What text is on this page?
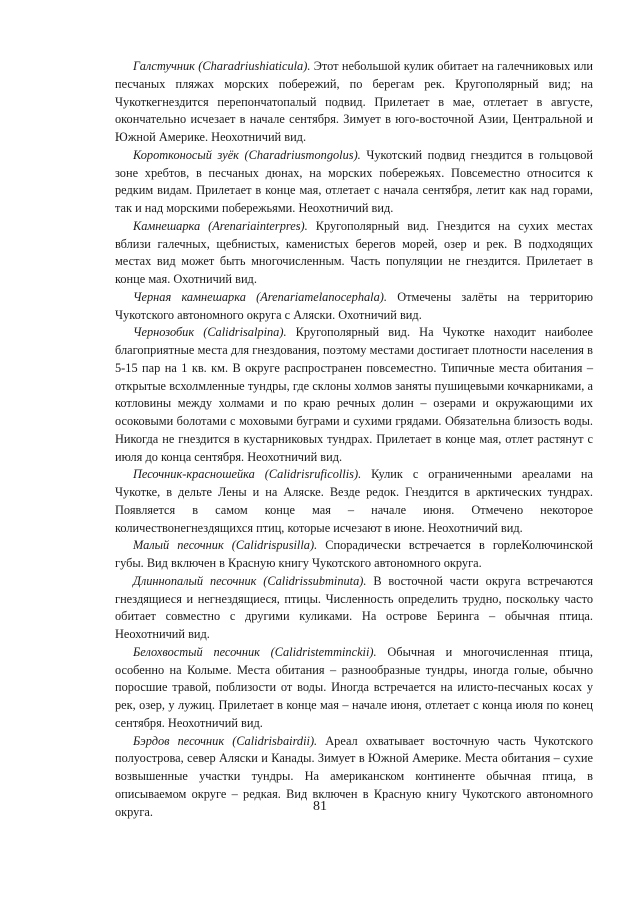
Галстучник (Charadriushiaticula). Этот небольшой кулик обитает на галечниковых или песчаных пляжах морских побережий, по берегам рек. Кругополярный вид; на Чукоткегнездится перепончатопалый подвид. Прилетает в мае, отлетает в августе, окончательно исчезает в начале сентября. Зимует в юго-восточной Азии, Центральной и Южной Америке. Неохотничий вид.

Коротконосый зуёк (Charadriusmongolus). Чукотский подвид гнездится в гольцовой зоне хребтов, в песчаных дюнах, на морских побережьях. Повсеместно относится к редким видам. Прилетает в конце мая, отлетает с начала сентября, летит как над горами, так и над морскими побережьями. Неохотничий вид.

Камнешарка (Arenariainterpres). Кругополярный вид. Гнездится на сухих местах вблизи галечных, щебнистых, каменистых берегов морей, озер и рек. В подходящих местах вид может быть многочисленным. Часть популяции не гнездится. Прилетает в конце мая. Охотничий вид.

Черная камнешарка (Arenariamelanocephala). Отмечены залёты на территорию Чукотского автономного округа с Аляски. Охотничий вид.

Чернозобик (Calidrisalpina). Кругополярный вид. На Чукотке находит наиболее благоприятные места для гнездования, поэтому местами достигает плотности населения в 5-15 пар на 1 кв. км. В округе распространен повсеместно. Типичные места обитания – открытые всхолмленные тундры, где склоны холмов заняты пушицевыми кочкарниками, а котловины между холмами и по краю речных долин – озерами и окружающими их осоковыми болотами с моховыми буграми и сухими грядами. Обязательна близость воды. Никогда не гнездится в кустарниковых тундрах. Прилетает в конце мая, отлет растянут с июля до конца сентября. Неохотничий вид.

Песочник-красношейка (Calidrisruficollis). Кулик с ограниченными ареалами на Чукотке, в дельте Лены и на Аляске. Везде редок. Гнездится в арктических тундрах. Появляется в самом конце мая – начале июня. Отмечено некоторое количествонегнездящихся птиц, которые исчезают в июне. Неохотничий вид.

Малый песочник (Calidrispusilla). Спорадически встречается в горлеКолючинской губы. Вид включен в Красную книгу Чукотского автономного округа.

Длиннопалый песочник (Calidrissubminuta). В восточной части округа встречаются гнездящиеся и негнездящиеся, птицы. Численность определить трудно, поскольку часто обитает совместно с другими куликами. На острове Беринга – обычная птица. Неохотничий вид.

Белохвостый песочник (Calidristemminckii). Обычная и многочисленная птица, особенно на Колыме. Места обитания – разнообразные тундры, иногда голые, обычно поросшие травой, поблизости от воды. Иногда встречается на илисто-песчаных косах у рек, озер, у лужиц. Прилетает в конце мая – начале июня, отлетает с конца июля по конец сентября. Неохотничий вид.

Бэрдов песочник (Calidrisbairdii). Ареал охватывает восточную часть Чукотского полуострова, север Аляски и Канады. Зимует в Южной Америке. Места обитания – сухие возвышенные участки тундры. На американском континенте обычная птица, в описываемом округе – редкая. Вид включен в Красную книгу Чукотского автономного округа.	81
